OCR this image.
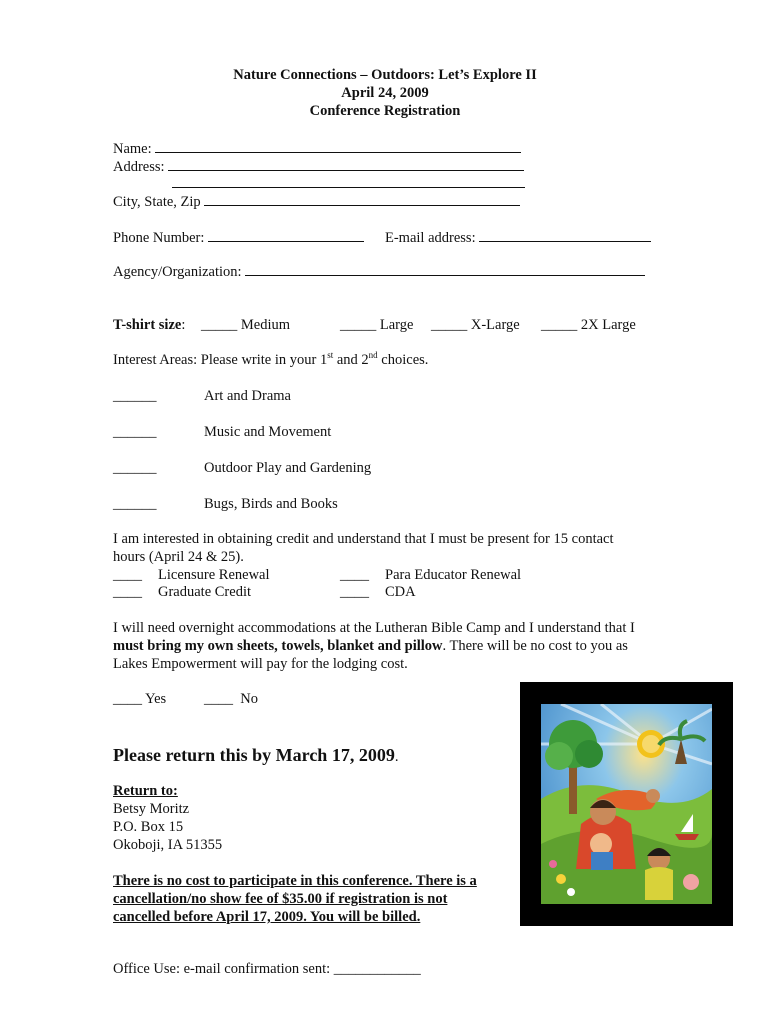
Nature Connections – Outdoors: Let’s Explore II
April 24, 2009
Conference Registration
Name:
Address:
City, State, Zip
Phone Number:	E-mail address:
Agency/Organization:
T-shirt size: _____ Medium	_____ Large _____ X-Large _____ 2X Large
Interest Areas: Please write in your 1st and 2nd choices.
______	Art and Drama
______	Music and Movement
______	Outdoor Play and Gardening
______	Bugs, Birds and Books
I am interested in obtaining credit and understand that I must be present for 15 contact
hours (April 24 & 25).
____ Licensure Renewal	____ Para Educator Renewal
____ Graduate Credit	____ CDA
I will need overnight accommodations at the Lutheran Bible Camp and I understand that I
must bring my own sheets, towels, blanket and pillow. There will be no cost to you as
Lakes Empowerment will pay for the lodging cost.
____ Yes	____ No
Please return this by March 17, 2009.
Return to:
Betsy Moritz
P.O. Box 15
Okoboji, IA 51355
There is no cost to participate in this conference. There is a
cancellation/no show fee of $35.00 if registration is not
cancelled before April 17, 2009. You will be billed.
Office Use: e-mail confirmation sent: ____________
